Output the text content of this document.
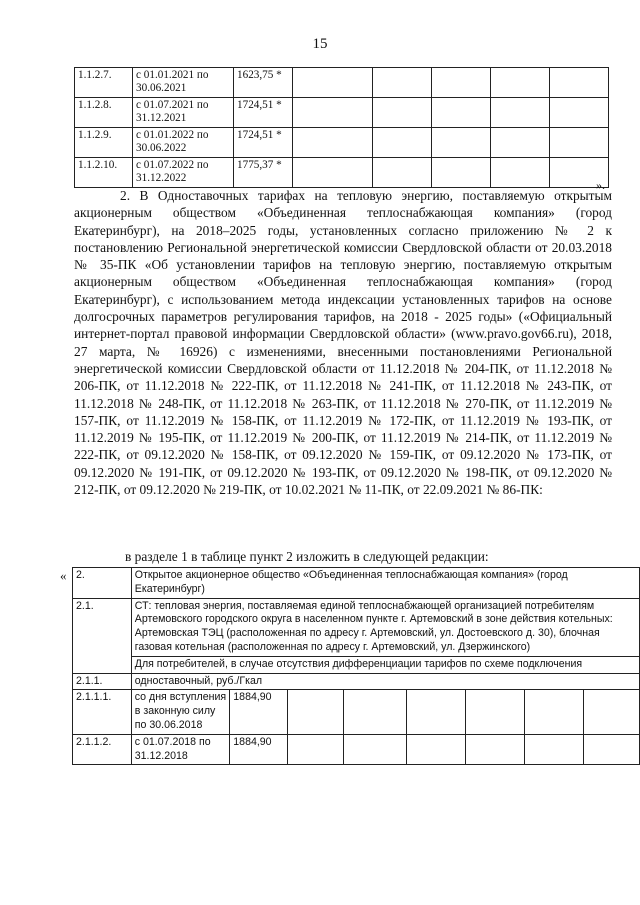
15
1.1.2.7.	с 01.01.2021 по 30.06.2021	1623,75 *					
1.1.2.8.	с 01.07.2021 по 31.12.2021	1724,51 *					
1.1.2.9.	с 01.01.2022 по 30.06.2022	1724,51 *					
1.1.2.10.	с 01.07.2022 по 31.12.2022	1775,37 *					
».

2. В Одноставочных тарифах на тепловую энергию, поставляемую открытым акционерным обществом «Объединенная теплоснабжающая компания» (город Екатеринбург), на 2018–2025 годы, установленных согласно приложению № 2 к постановлению Региональной энергетической комиссии Свердловской области от 20.03.2018 № 35-ПК «Об установлении тарифов на тепловую энергию, поставляемую открытым акционерным обществом «Объединенная теплоснабжающая компания» (город Екатеринбург), с использованием метода индексации установленных тарифов на основе долгосрочных параметров регулирования тарифов, на 2018 - 2025 годы» («Официальный интернет-портал правовой информации Свердловской области» (www.pravo.gov66.ru), 2018, 27 марта, № 16926) с изменениями, внесенными постановлениями Региональной энергетической комиссии Свердловской области от 11.12.2018 № 204-ПК, от 11.12.2018 № 206-ПК, от 11.12.2018 № 222-ПК, от 11.12.2018 № 241-ПК, от 11.12.2018 № 243-ПК, от 11.12.2018 № 248-ПК, от 11.12.2018 № 263-ПК, от 11.12.2018 № 270-ПК, от 11.12.2019 № 157-ПК, от 11.12.2019 № 158-ПК, от 11.12.2019 № 172-ПК, от 11.12.2019 № 193-ПК, от 11.12.2019 № 195-ПК, от 11.12.2019 № 200-ПК, от 11.12.2019 № 214-ПК, от 11.12.2019 № 222-ПК, от 09.12.2020 № 158-ПК, от 09.12.2020 № 159-ПК, от 09.12.2020 № 173-ПК, от 09.12.2020 № 191-ПК, от 09.12.2020 № 193-ПК, от 09.12.2020 № 198-ПК, от 09.12.2020 № 212-ПК, от 09.12.2020 № 219-ПК, от 10.02.2021 № 11-ПК, от 22.09.2021 № 86-ПК:

в разделе 1 в таблице пункт 2 изложить в следующей редакции:

« 2.	Открытое акционерное общество «Объединенная теплоснабжающая компания» (город Екатеринбург)							
2.1.	СТ: тепловая энергия, поставляемая единой теплоснабжающей организацией потребителям Артемовского городского округа в населенном пункте г. Артемовский в зоне действия котельных: Артемовская ТЭЦ (расположенная по адресу г. Артемовский, ул. Достоевского д. 30), блочная газовая котельная (расположенная по адресу г. Артемовский, ул. Дзержинского)							
	Для потребителей, в случае отсутствия дифференциации тарифов по схеме подключения							
2.1.1.	одноставочный, руб./Гкал							
2.1.1.1.	со дня вступления в законную силу по 30.06.2018	1884,90						
2.1.1.2.	с 01.07.2018 по 31.12.2018	1884,90						
